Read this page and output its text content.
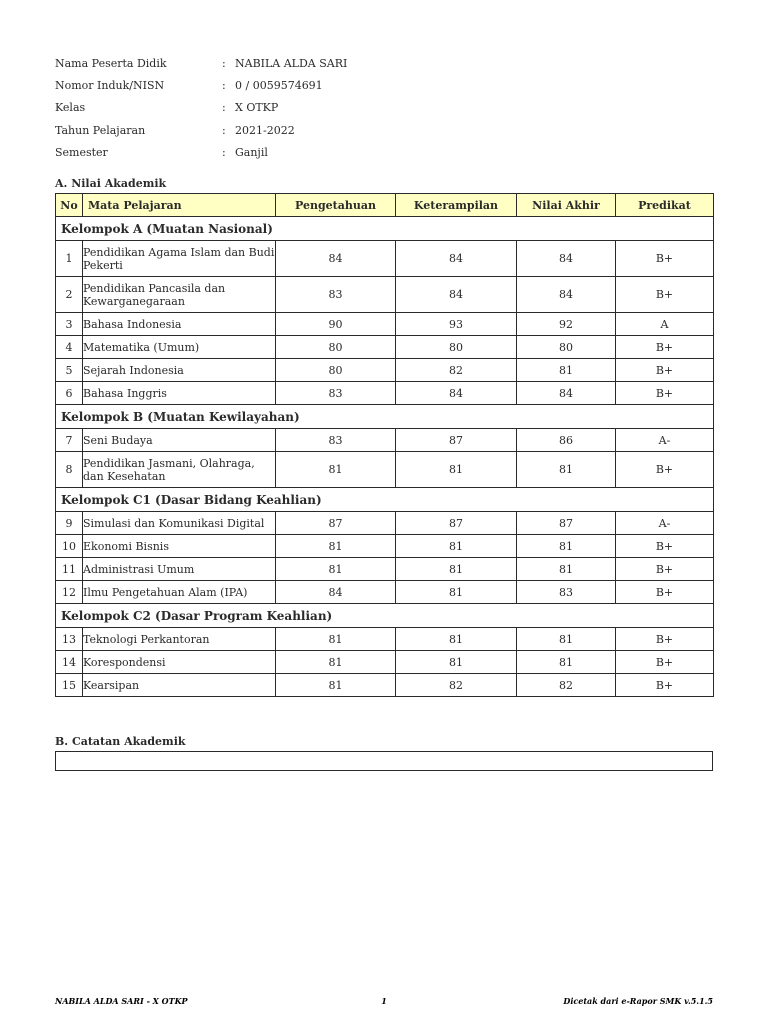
Nama Peserta Didik	: NABILA ALDA SARI
Nomor Induk/NISN	: 0 / 0059574691
Kelas	: X OTKP
Tahun Pelajaran	: 2021-2022
Semester	: Ganjil
A. Nilai Akademik
No	Mata Pelajaran	Pengetahuan	Keterampilan	Nilai Akhir	Predikat
Kelompok A (Muatan Nasional)					
1	Pendidikan Agama Islam dan Budi Pekerti	84	84	84	B+
2	Pendidikan Pancasila dan Kewarganegaraan	83	84	84	B+
3	Bahasa Indonesia	90	93	92	A
4	Matematika (Umum)	80	80	80	B+
5	Sejarah Indonesia	80	82	81	B+
6	Bahasa Inggris	83	84	84	B+
Kelompok B (Muatan Kewilayahan)					
7	Seni Budaya	83	87	86	A-
8	Pendidikan Jasmani, Olahraga, dan Kesehatan	81	81	81	B+
Kelompok C1 (Dasar Bidang Keahlian)					
9	Simulasi dan Komunikasi Digital	87	87	87	A-
10	Ekonomi Bisnis	81	81	81	B+
11	Administrasi Umum	81	81	81	B+
12	Ilmu Pengetahuan Alam (IPA)	84	81	83	B+
Kelompok C2 (Dasar Program Keahlian)					
13	Teknologi Perkantoran	81	81	81	B+
14	Korespondensi	81	81	81	B+
15	Kearsipan	81	82	82	B+
B. Catatan Akademik
NABILA ALDA SARI - X OTKP	1	Dicetak dari e-Rapor SMK v.5.1.5
